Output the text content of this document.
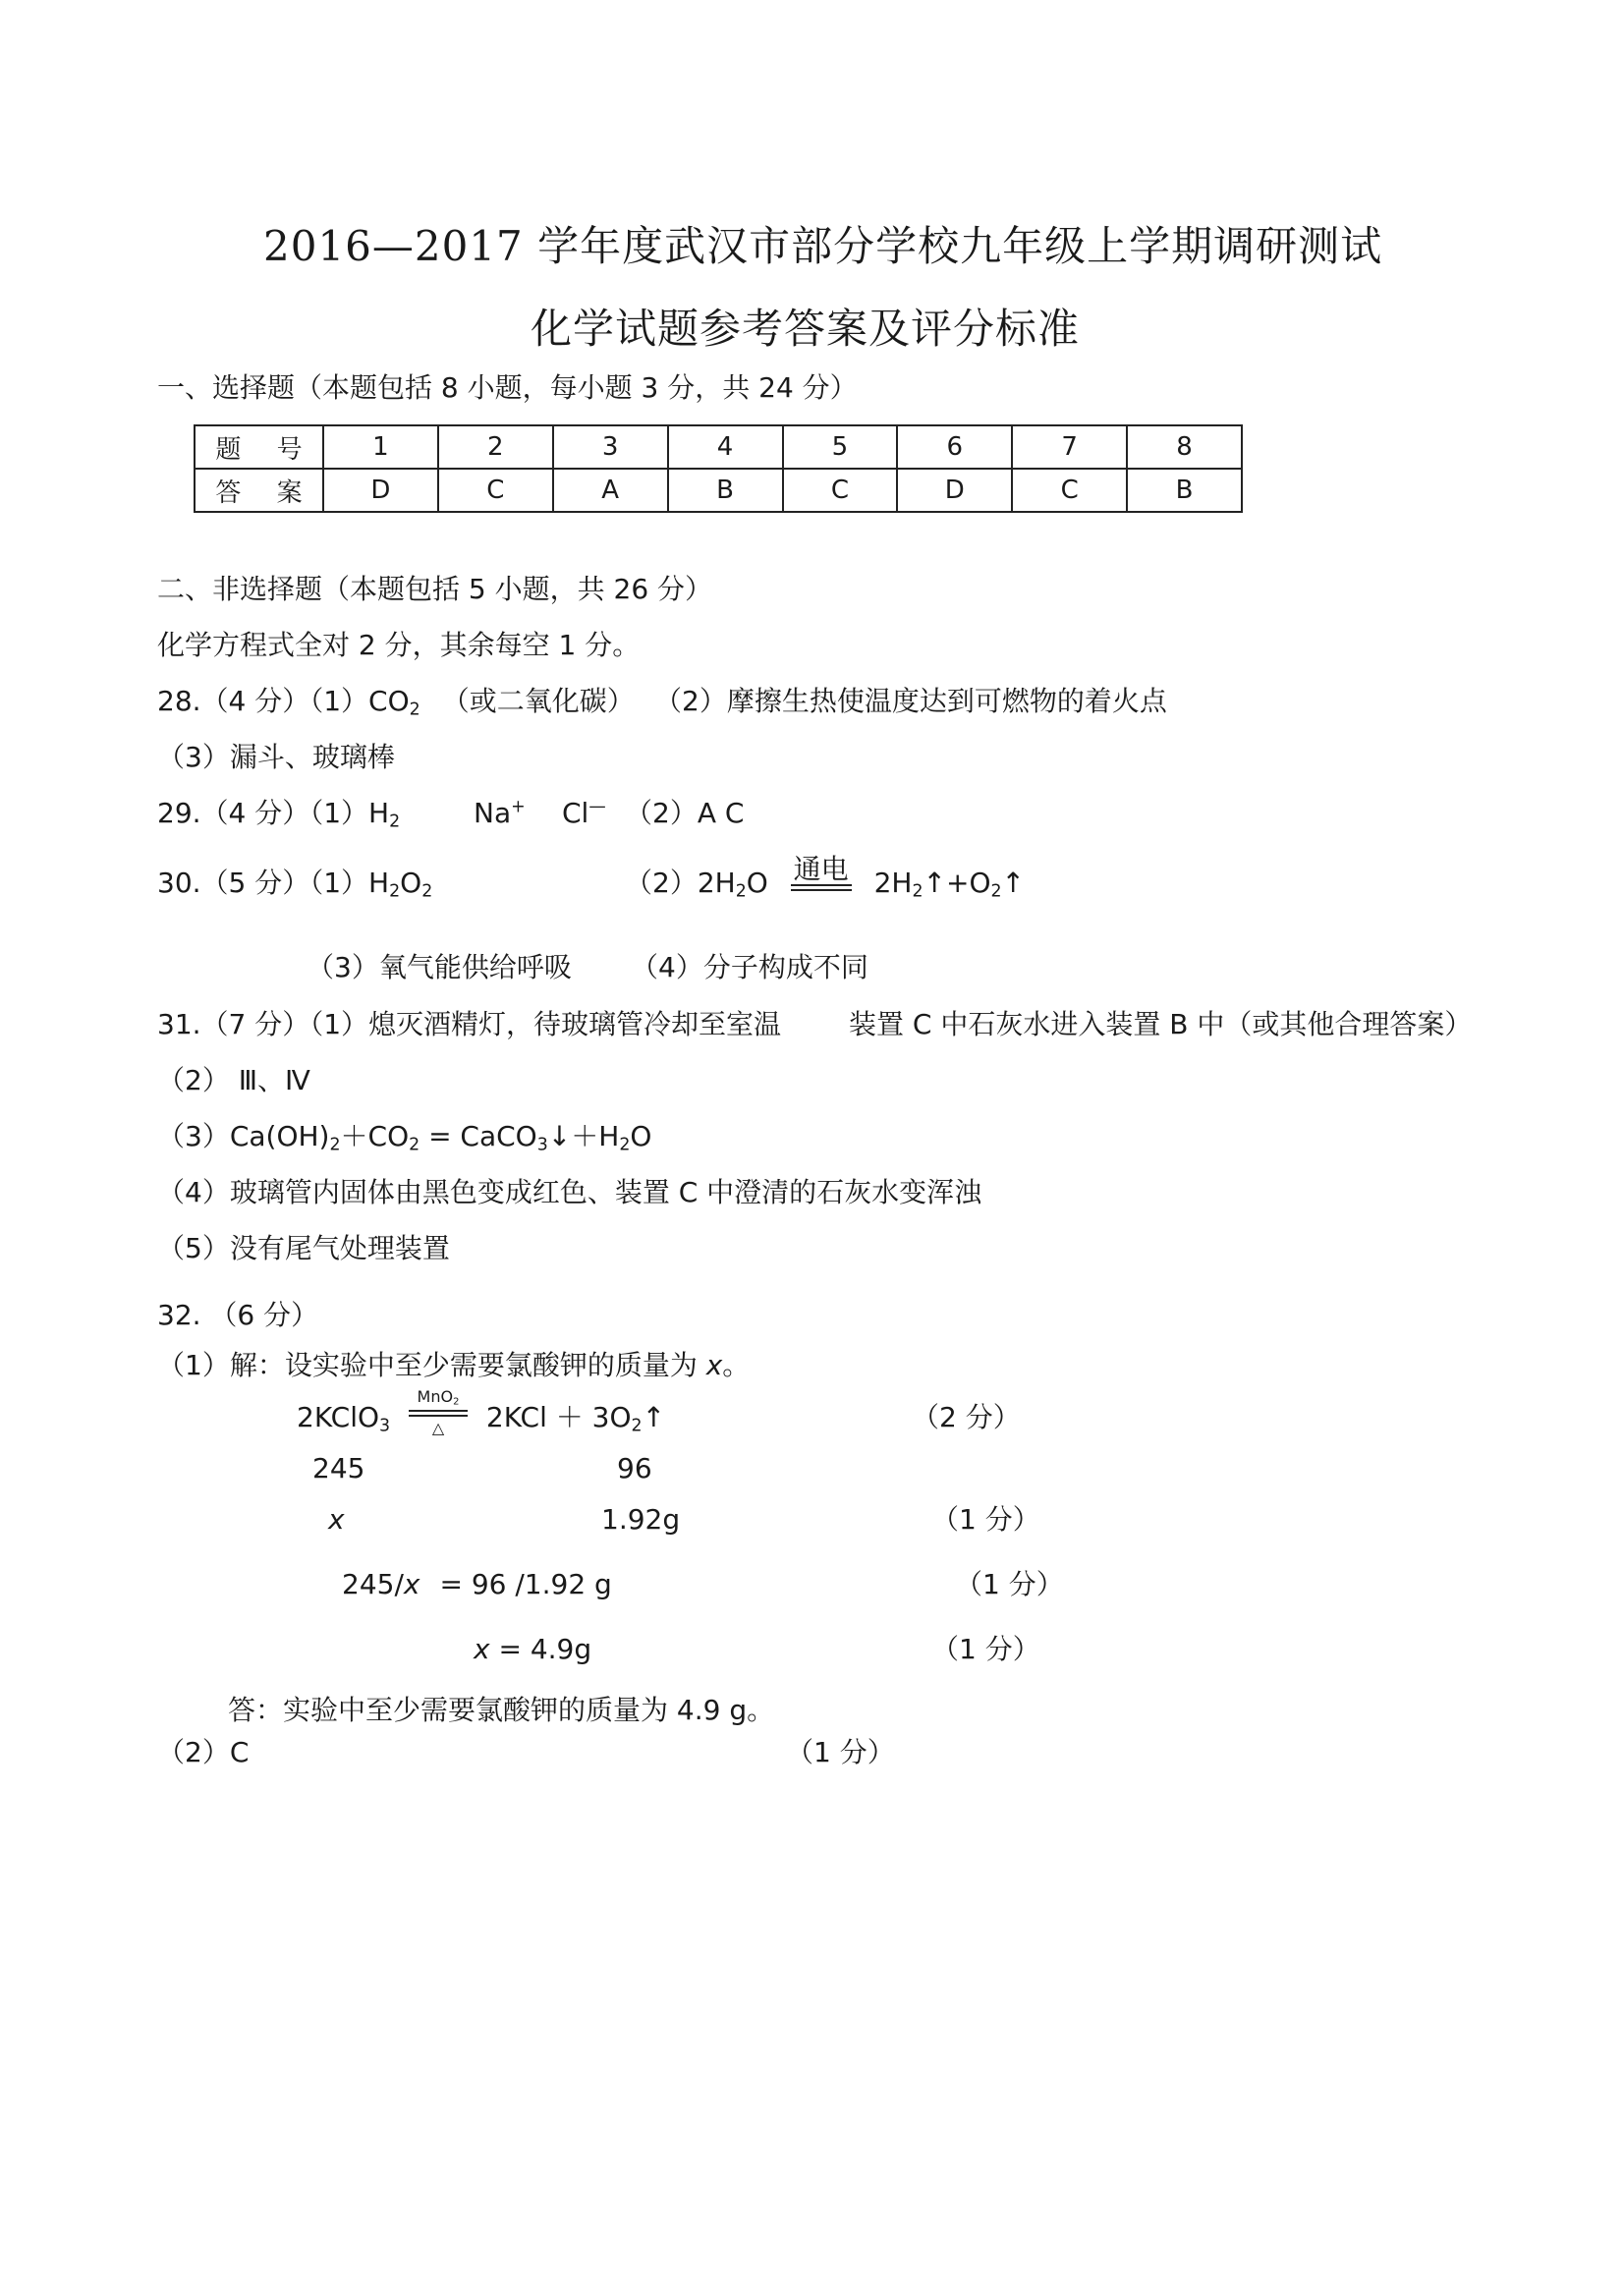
2016—2017 学年度武汉市部分学校九年级上学期调研测试
化学试题参考答案及评分标准
一、选择题（本题包括 8 小题，每小题 3 分，共 24 分）
题 号	1	2	3	4	5	6	7	8
答 案	D	C	A	B	C	D	C	B
二、非选择题（本题包括 5 小题，共 26 分）
化学方程式全对 2 分，其余每空 1 分。
28.（4 分）$(1)CO_2$ （或二氧化碳） （2）摩擦生热使温度达到可燃物的着火点
（3）漏斗、玻璃棒
29.（4 分）$(1)H_2$	Na+ Cl— （2）A C
30.（5 分）$(1)H_2O_2$	$(2)2H_2O$ 通电 $2H_2↑+O_2↑$
（3）氧气能供给呼吸 （4）分子构成不同
31.（7 分）（1）熄灭酒精灯，待玻璃管冷却至室温 装置 C 中石灰水进入装置 B 中（或其他合理答案）
（2） Ⅲ、Ⅳ
$(3)Ca(OH)_2+CO_2$ = $CaCO_3↓+H_2O$
（4）玻璃管内固体由黑色变成红色、装置 C 中澄清的石灰水变浑浊
（5）没有尾气处理装置
32. （6 分）
（1）解：设实验中至少需要氯酸钾的质量为 x。
2KClO$_3$
MnO$_2$
△	$2KCl + 3O_2↑$	（2 分）
245	96
x	1.92g	（1 分）
245/x = 96 /1.92 g	（1 分）
x = 4.9g	（1 分）
答：实验中至少需要氯酸钾的质量为 4.9 g。
（2）C	（1 分）
